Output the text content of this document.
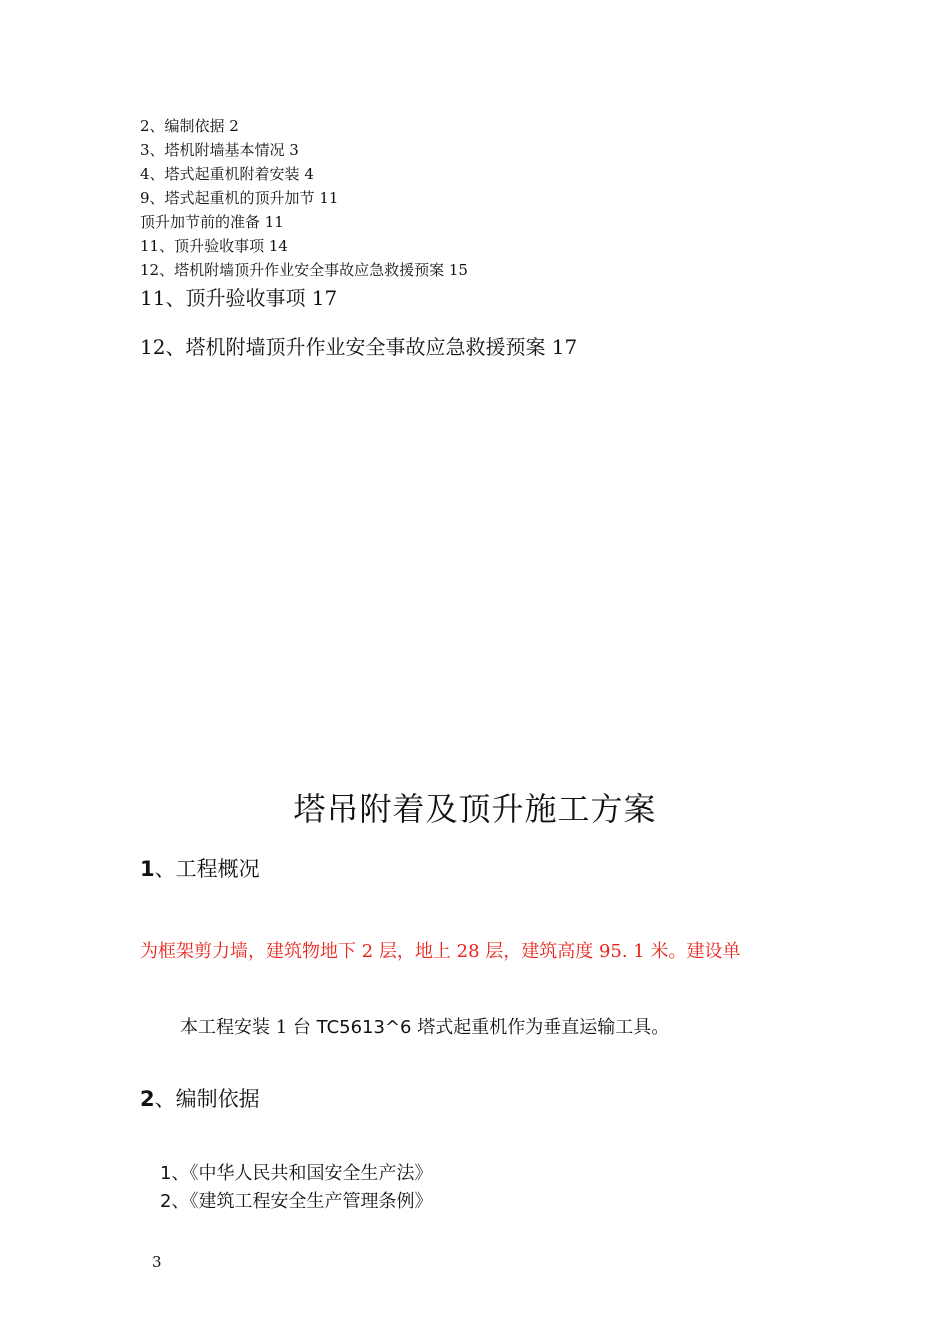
2、编制依据 2
3、塔机附墙基本情况 3
4、塔式起重机附着安装 4
9、塔式起重机的顶升加节 11
顶升加节前的准备 11
11、顶升验收事项 14
12、塔机附墙顶升作业安全事故应急救援预案 15
11、顶升验收事项 17
12、塔机附墙顶升作业安全事故应急救援预案 17
塔吊附着及顶升施工方案
1、工程概况
为框架剪力墙，建筑物地下 2 层，地上 28 层，建筑高度 95. 1 米。建设单
本工程安装 1 台 TC5613^6 塔式起重机作为垂直运输工具。
2、编制依据
1、《中华人民共和国安全生产法》
2、《建筑工程安全生产管理条例》
3
